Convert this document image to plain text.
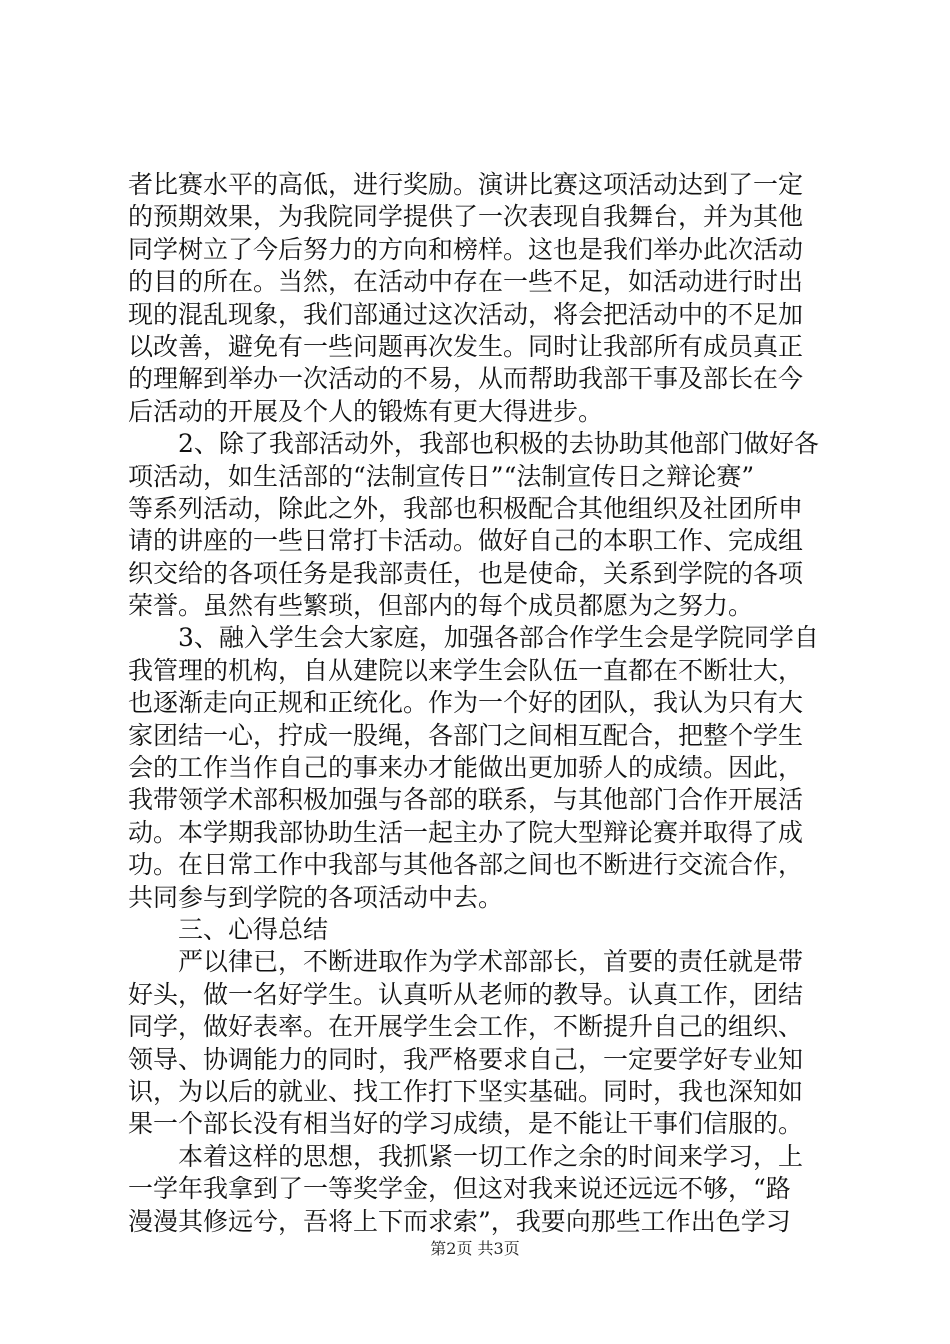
者比赛水平的高低，进行奖励。演讲比赛这项活动达到了一定
的预期效果，为我院同学提供了一次表现自我舞台，并为其他
同学树立了今后努力的方向和榜样。这也是我们举办此次活动
的目的所在。当然，在活动中存在一些不足，如活动进行时出
现的混乱现象，我们部通过这次活动，将会把活动中的不足加
以改善，避免有一些问题再次发生。同时让我部所有成员真正
的理解到举办一次活动的不易，从而帮助我部干事及部长在今
后活动的开展及个人的锻炼有更大得进步。
　　2、除了我部活动外，我部也积极的去协助其他部门做好各
项活动，如生活部的“法制宣传日”“法制宣传日之辩论赛”
等系列活动，除此之外，我部也积极配合其他组织及社团所申
请的讲座的一些日常打卡活动。做好自己的本职工作、完成组
织交给的各项任务是我部责任，也是使命，关系到学院的各项
荣誉。虽然有些繁琐，但部内的每个成员都愿为之努力。
　　3、融入学生会大家庭，加强各部合作学生会是学院同学自
我管理的机构，自从建院以来学生会队伍一直都在不断壮大，
也逐渐走向正规和正统化。作为一个好的团队，我认为只有大
家团结一心，拧成一股绳，各部门之间相互配合，把整个学生
会的工作当作自己的事来办才能做出更加骄人的成绩。因此，
我带领学术部积极加强与各部的联系，与其他部门合作开展活
动。本学期我部协助生活一起主办了院大型辩论赛并取得了成
功。在日常工作中我部与其他各部之间也不断进行交流合作，
共同参与到学院的各项活动中去。
　　三、心得总结
　　严以律已，不断进取作为学术部部长，首要的责任就是带
好头，做一名好学生。认真听从老师的教导。认真工作，团结
同学，做好表率。在开展学生会工作，不断提升自己的组织、
领导、协调能力的同时，我严格要求自己，一定要学好专业知
识，为以后的就业、找工作打下坚实基础。同时，我也深知如
果一个部长没有相当好的学习成绩，是不能让干事们信服的。
　　本着这样的思想，我抓紧一切工作之余的时间来学习，上
一学年我拿到了一等奖学金，但这对我来说还远远不够，“路
漫漫其修远兮，吾将上下而求索”，我要向那些工作出色学习
第2页 共3页
